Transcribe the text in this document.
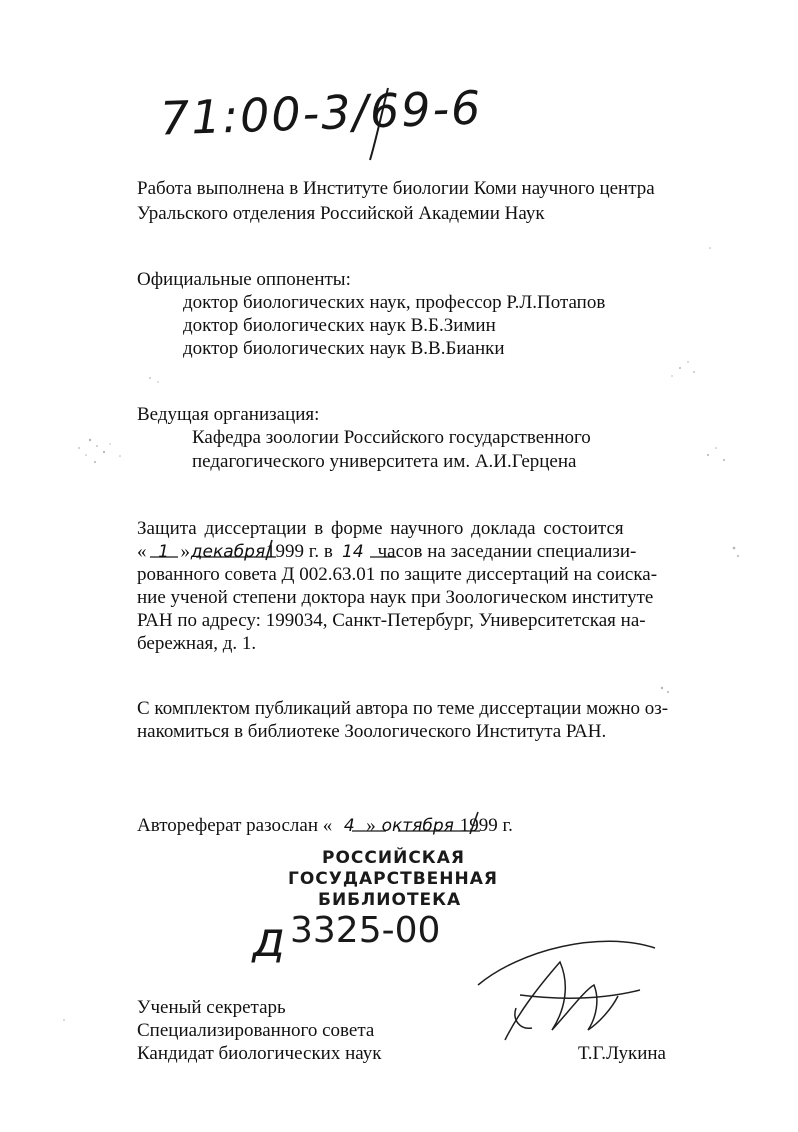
71:00-3/69-6
Работа выполнена в Институте биологии Коми научного центра
Уральского отделения Российской Академии Наук
Официальные оппоненты:
доктор биологических наук, профессор Р.Л.Потапов
доктор биологических наук В.Б.Зимин
доктор биологических наук В.В.Бианки
Ведущая организация:
Кафедра зоологии Российского государственного
педагогического университета им. А.И.Герцена
Защита диссертации в форме научного доклада состоится
« 1 »декабря1999 г. в 14 часов на заседании специализи-
рованного совета Д 002.63.01 по защите диссертаций на соиска-
ние ученой степени доктора наук при Зоологическом институте
РАН по адресу: 199034, Санкт-Петербург, Университетская на-
бережная, д. 1.
С комплектом публикаций автора по теме диссертации можно оз-
накомиться в библиотеке Зоологического Института РАН.
Автореферат разослан « 4 » октября 1999 г.
РОССИЙСКАЯ
ГОСУДАРСТВЕННАЯ
БИБЛИОТЕКА
д 3325-00
Ученый секретарь
Специализированного совета
Кандидат биологических наук	Т.Г.Лукина
